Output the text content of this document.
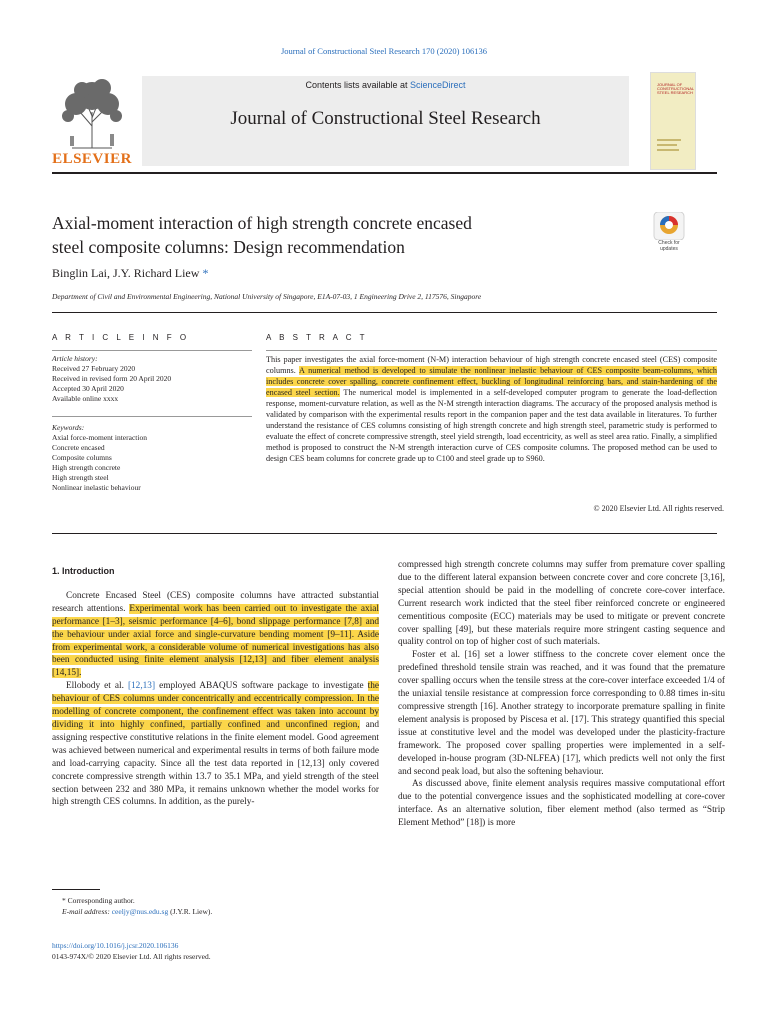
Journal of Constructional Steel Research 170 (2020) 106136
ELSEVIER
Contents lists available at ScienceDirect
Journal of Constructional Steel Research
JOURNAL OF
CONSTRUCTIONAL
STEEL RESEARCH
Axial-moment interaction of high strength concrete encased
steel composite columns: Design recommendation	Check for updates
Binglin Lai, J.Y. Richard Liew *
Department of Civil and Environmental Engineering, National University of Singapore, E1A-07-03, 1 Engineering Drive 2, 117576, Singapore
A R T I C L E I N F O
Article history:
Received 27 February 2020
Received in revised form 20 April 2020
Accepted 30 April 2020
Available online xxxx
Keywords:
Axial force-moment interaction
Concrete encased
Composite columns
High strength concrete
High strength steel
Nonlinear inelastic behaviour
A B S T R A C T
This paper investigates the axial force-moment (N-M) interaction behaviour of high strength concrete encased steel (CES) composite columns. A numerical method is developed to simulate the nonlinear inelastic behaviour of CES composite beam-columns, which includes concrete cover spalling, concrete confinement effect, buckling of longitudinal reinforcing bars, and stain-hardening of the encased steel section. The numerical model is implemented in a self-developed computer program to generate the load-deflection response, moment-curvature relation, as well as the N-M strength interaction diagrams. The accuracy of the proposed analysis method is validated by comparison with the experimental results report in the companion paper and the test data available in literatures. To further understand the resistance of CES columns consisting of high strength concrete and high strength steel, parametric study is performed to evaluate the effect of concrete compressive strength, steel yield strength, load eccentricity, as well as steel area ratio. Finally, a simplified method is proposed to construct the N-M strength interaction curve of CES composite columns. The proposed method can be used to design CES beam columns for concrete grade up to C100 and steel grade up to S960.
© 2020 Elsevier Ltd. All rights reserved.
1. Introduction

Concrete Encased Steel (CES) composite columns have attracted substantial research attentions. Experimental work has been carried out to investigate the axial performance [1–3], seismic performance [4–6], bond slippage performance [7,8] and the behaviour under axial force and single-curvature bending moment [9–11]. Aside from experimental work, a considerable volume of numerical investigations has also been conducted using finite element analysis [12,13] and fiber element analysis [14,15].

Ellobody et al. [12,13] employed ABAQUS software package to investigate the behaviour of CES columns under concentrically and eccentrically compression. In the modelling of concrete component, the confinement effect was taken into account by dividing it into highly confined, partially confined and unconfined region, and assigning respective constitutive relations in the finite element model. Good agreement was achieved between numerical and experimental results in terms of both failure mode and load-carrying capacity. Since all the test data reported in [12,13] only covered concrete compressive strength within 13.7 to 35.1 MPa, and yield strength of the steel section between 232 and 380 MPa, it remains unknown whether the model works for high strength CES columns. In addition, as the purely-

compressed high strength concrete columns may suffer from premature cover spalling due to the different lateral expansion between concrete cover and core concrete [3,16], special attention should be paid in the modelling of concrete core-cover interface. Current research work indicted that the steel fiber reinforced concrete or engineered cementitious composite (ECC) materials may be used to mitigate or prevent concrete cover spalling [49], but these materials require more stringent casting sequence and quality control on top of higher cost of such materials.

Foster et al. [16] set a lower stiffness to the concrete cover element once the predefined threshold tensile strain was reached, and it was found that the premature cover spalling occurs when the tensile stress at the core-cover interface exceeded 1/4 of the uniaxial tensile resistance at compression force corresponding to 0.88 times in-situ compressive strength [16]. Another strategy to incorporate premature spalling in finite element analysis is proposed by Piscesa et al. [17]. This strategy quantified this special issue at constitutive level and the model was developed under the plasticity-fracture framework. The proposed cover spalling properties were implemented in a self-developed in-house program (3D-NLFEA) [17], which predicts well not only the first and second peak load, but also the softening behaviour.

As discussed above, finite element analysis requires massive computational effort due to the potential convergence issues and the sophisticated modelling at core-cover interface. As an alternative solution, fiber element method (also termed as “Strip Element Method” [18]) is more

* Corresponding author.
E-mail address: ceeljy@nus.edu.sg (J.Y.R. Liew).
https://doi.org/10.1016/j.jcsr.2020.106136
0143-974X/© 2020 Elsevier Ltd. All rights reserved.
